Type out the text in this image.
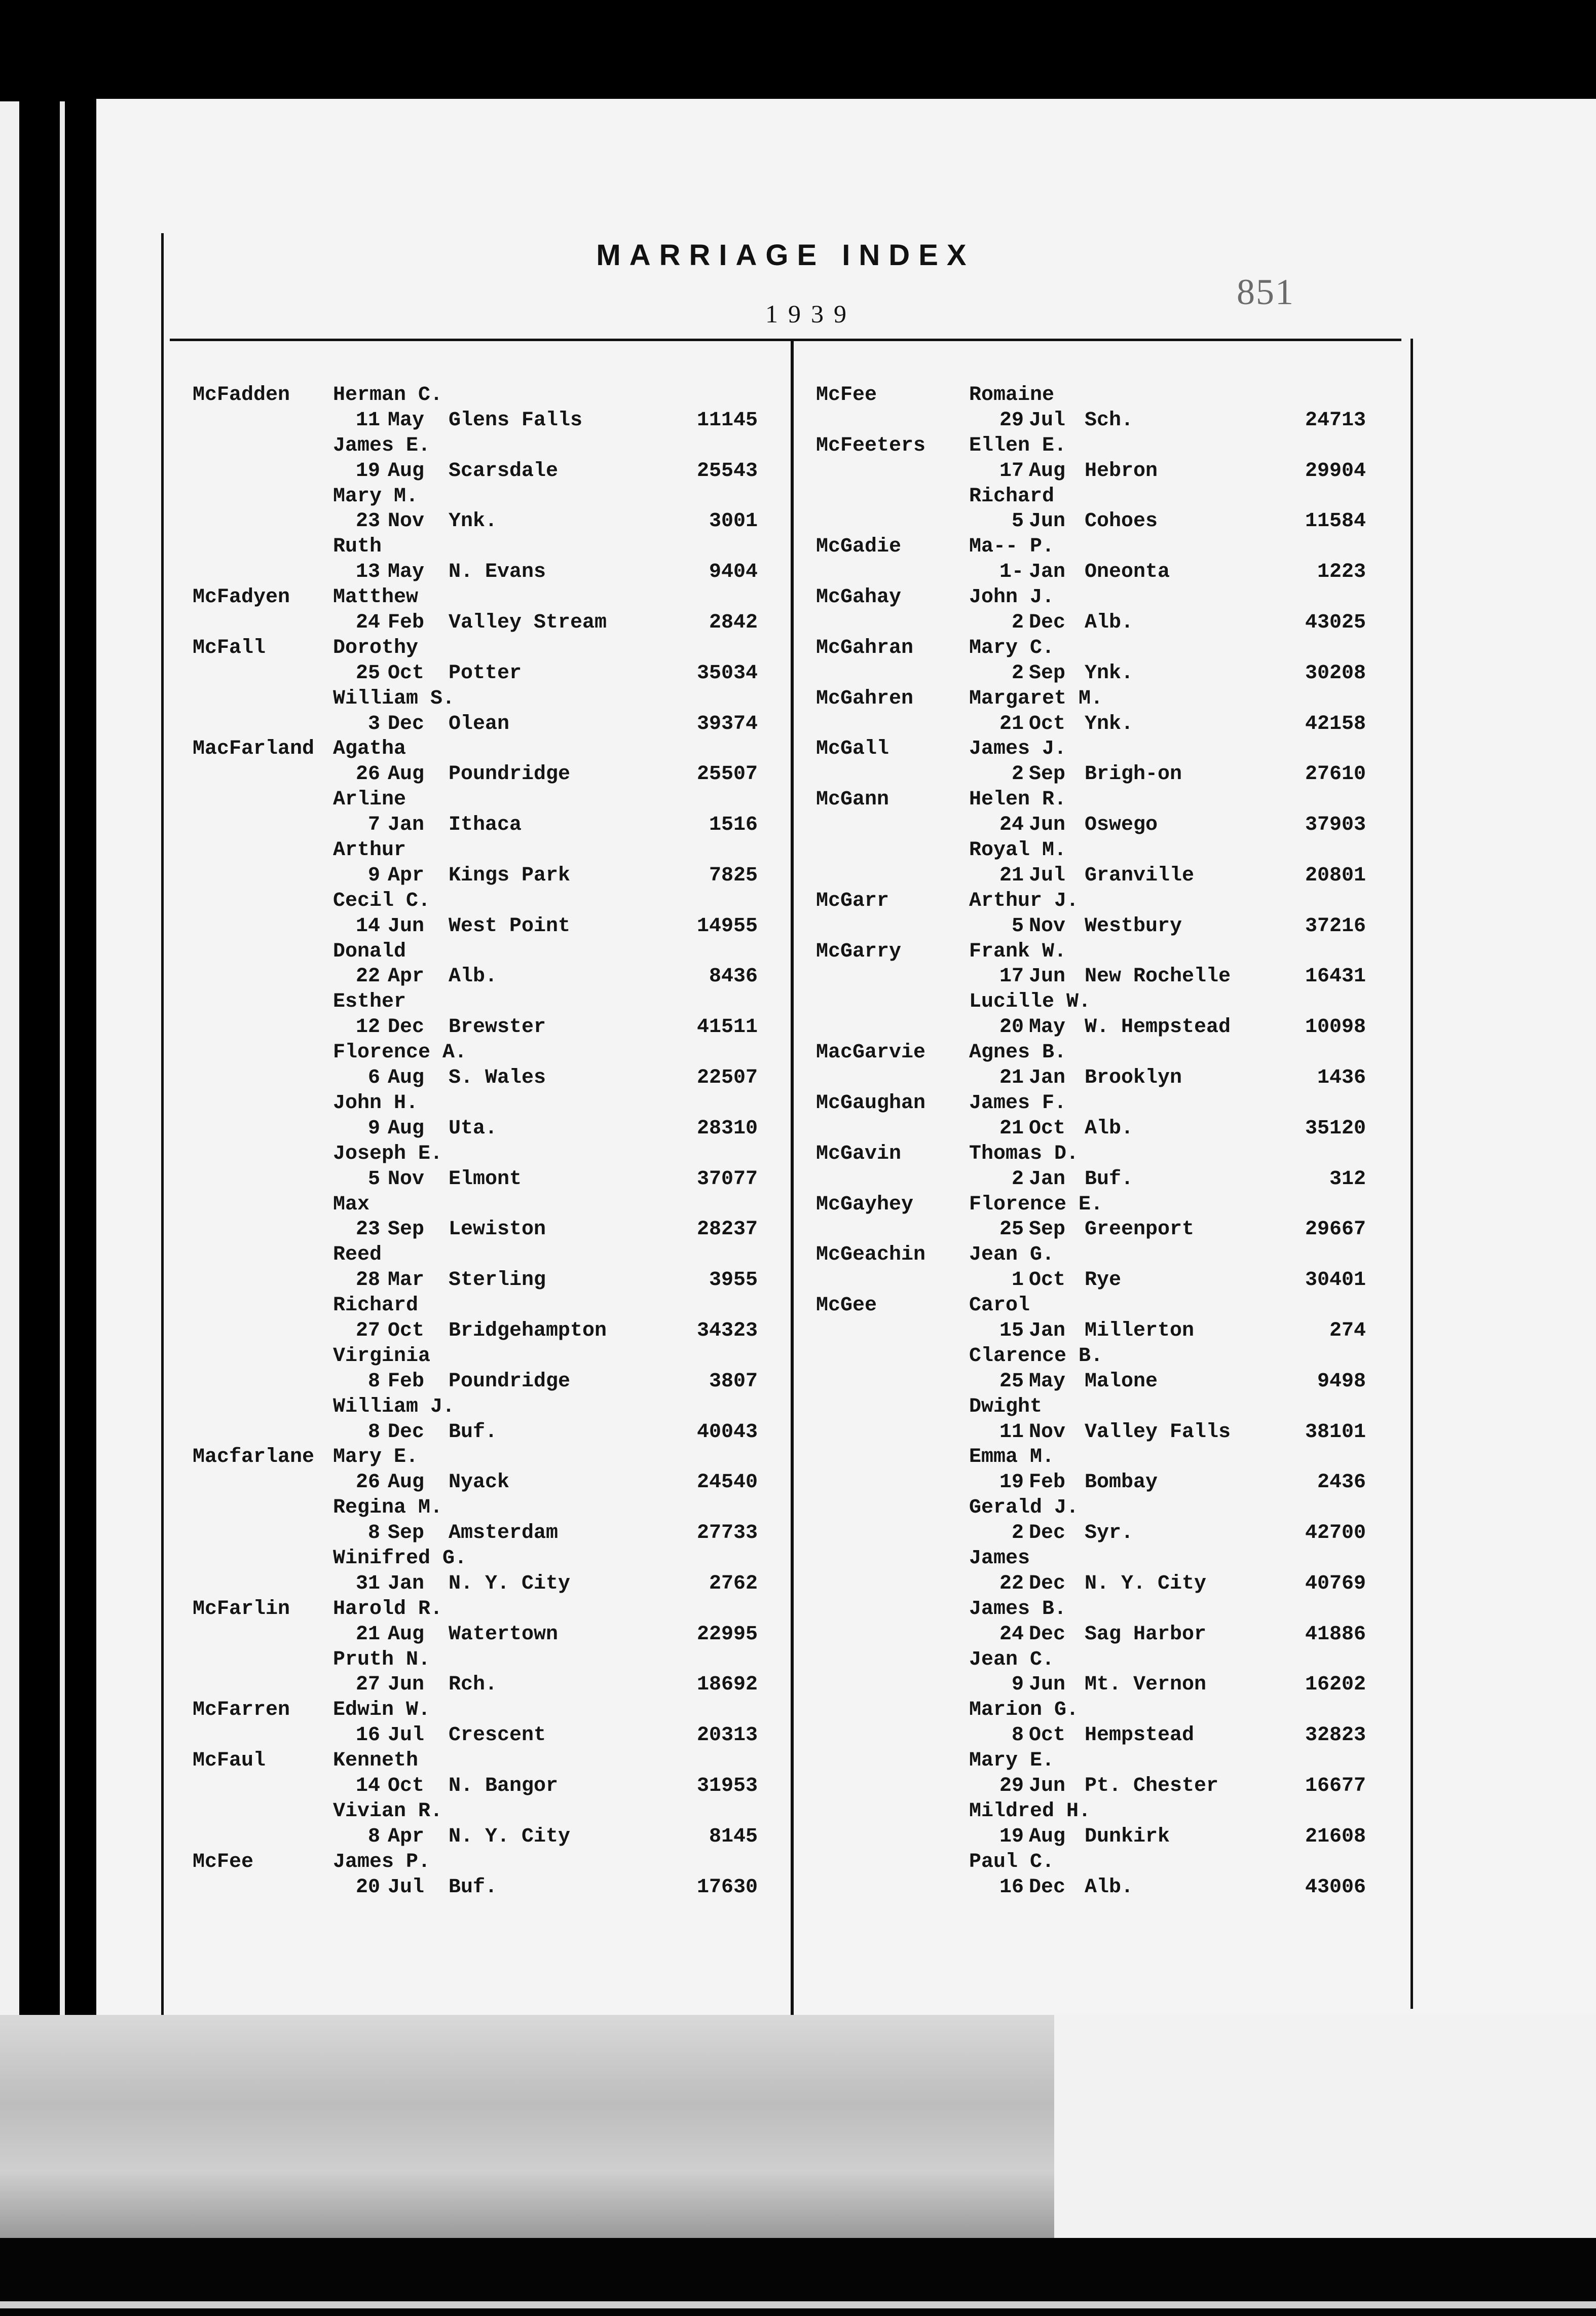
MARRIAGE INDEX
1939
851
McFadden Herman C.
11 May Glens Falls	11145
James E.
19 Aug Scarsdale	25543
Mary M.
23 Nov Ynk.	3001
Ruth
13 May N. Evans	9404
McFadyen Matthew
24 Feb Valley Stream	2842
McFall	Dorothy
25 Oct Potter	35034
William S.
3 Dec Olean	39374
MacFarland Agatha
26 Aug Poundridge	25507
Arline
7 Jan Ithaca	1516
Arthur
9 Apr Kings Park	7825
Cecil C.
14 Jun West Point	14955
Donald
22 Apr Alb.	8436
Esther
12 Dec Brewster	41511
Florence A.
6 Aug S. Wales	22507
John H.
9 Aug Uta.	28310
Joseph E.
5 Nov Elmont	37077
Max
23 Sep Lewiston	28237
Reed
28 Mar Sterling	3955
Richard
27 Oct Bridgehampton	34323
Virginia
8 Feb Poundridge	3807
William J.
8 Dec Buf.	40043
Macfarlane Mary E.
26 Aug Nyack	24540
Regina M.
8 Sep Amsterdam	27733
Winifred G.
31 Jan N. Y. City	2762
McFarlin Harold R.
21 Aug Watertown	22995
Pruth N.
27 Jun Rch.	18692
McFarren Edwin W.
16 Jul Crescent	20313
McFaul	Kenneth
14 Oct N. Bangor	31953
Vivian R.
8 Apr N. Y. City	8145
McFee	James P.
20 Jul Buf.	17630
McFee	Romaine
29 Jul Sch.	24713
McFeeters Ellen E.
17 Aug Hebron	29904
Richard
5 Jun Cohoes	11584
McGadie	Ma-- P.
1- Jan Oneonta	1223
McGahay	John J.
2 Dec Alb.	43025
McGahran	Mary C.
2 Sep Ynk.	30208
McGahren	Margaret M.
21 Oct Ynk.	42158
McGall	James J.
2 Sep Brigh-on	27610
McGann	Helen R.
24 Jun Oswego	37903
Royal M.
21 Jul Granville	20801
McGarr	Arthur J.
5 Nov Westbury	37216
McGarry	Frank W.
17 Jun New Rochelle	16431
Lucille W.
20 May W. Hempstead	10098
MacGarvie Agnes B.
21 Jan Brooklyn	1436
McGaughan James F.
21 Oct Alb.	35120
McGavin	Thomas D.
2 Jan Buf.	312
McGayhey	Florence E.
25 Sep Greenport	29667
McGeachin Jean G.
1 Oct Rye	30401
McGee	Carol
15 Jan Millerton	274
Clarence B.
25 May Malone	9498
Dwight
11 Nov Valley Falls	38101
Emma M.
19 Feb Bombay	2436
Gerald J.
2 Dec Syr.	42700
James
22 Dec N. Y. City	40769
James B.
24 Dec Sag Harbor	41886
Jean C.
9 Jun Mt. Vernon	16202
Marion G.
8 Oct Hempstead	32823
Mary E.
29 Jun Pt. Chester	16677
Mildred H.
19 Aug Dunkirk	21608
Paul C.
16 Dec Alb.	43006
